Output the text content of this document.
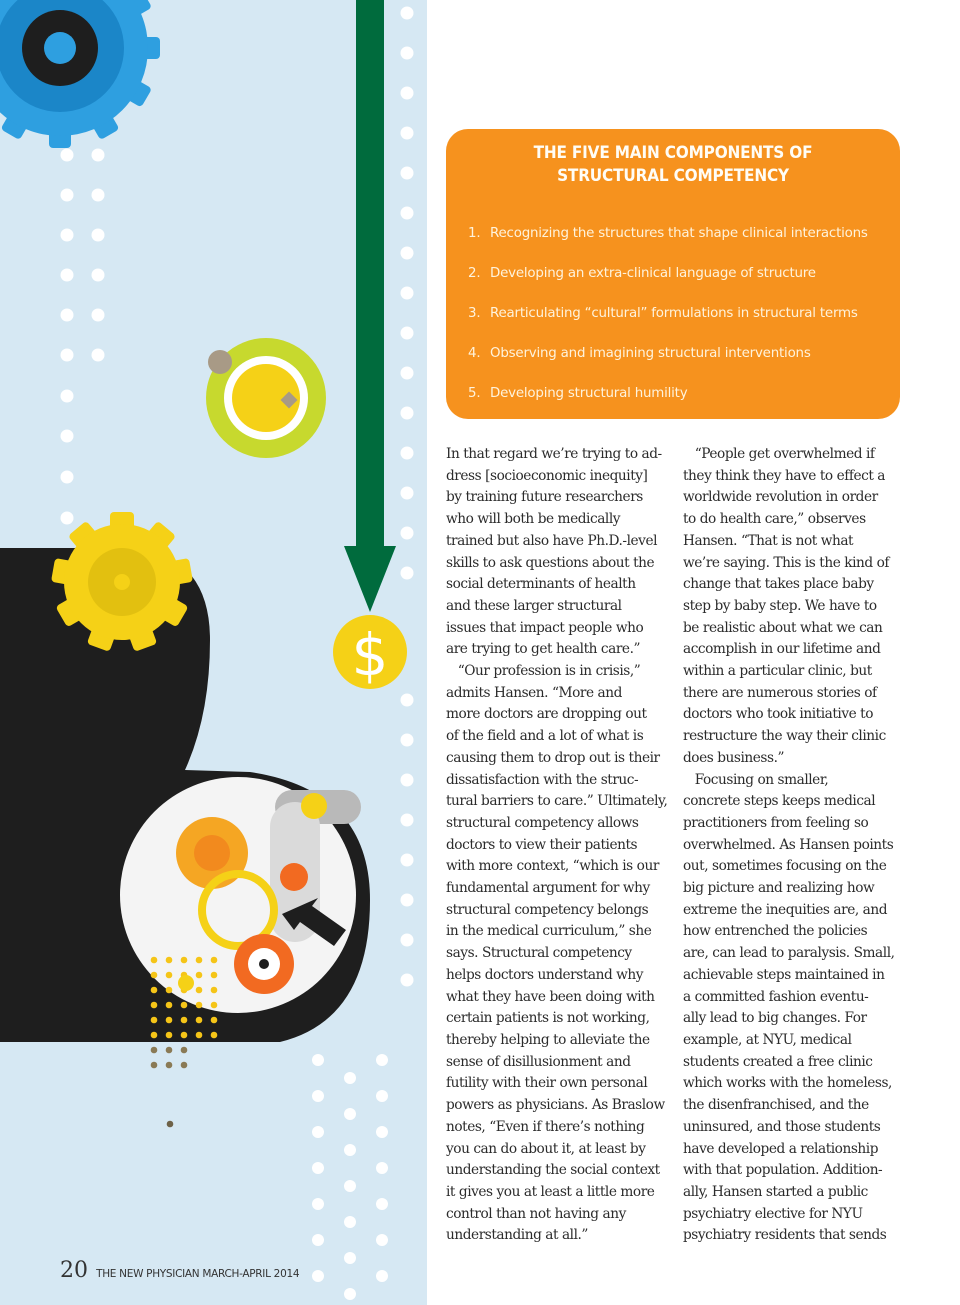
$
THE FIVE MAIN COMPONENTS OF
STRUCTURAL COMPETENCY
1. Recognizing the structures that shape clinical interactions
2. Developing an extra-clinical language of structure
3. Rearticulating “cultural” formulations in structural terms
4. Observing and imagining structural interventions
5. Developing structural humility
In that regard we’re trying to ad-
dress [socioeconomic inequity]
by training future researchers
who will both be medically
trained but also have Ph.D.-level
skills to ask questions about the
social determinants of health
and these larger structural
issues that impact people who
are trying to get health care.”
“Our profession is in crisis,”
admits Hansen. “More and
more doctors are dropping out
of the field and a lot of what is
causing them to drop out is their
dissatisfaction with the struc-
tural barriers to care.” Ultimately,
structural competency allows
doctors to view their patients
with more context, “which is our
fundamental argument for why
structural competency belongs
in the medical curriculum,” she
says. Structural competency
helps doctors understand why
what they have been doing with
certain patients is not working,
thereby helping to alleviate the
sense of disillusionment and
futility with their own personal
powers as physicians. As Braslow
notes, “Even if there’s nothing
you can do about it, at least by
understanding the social context
it gives you at least a little more
control than not having any
understanding at all.”
“People get overwhelmed if
they think they have to effect a
worldwide revolution in order
to do health care,” observes
Hansen. “That is not what
we’re saying. This is the kind of
change that takes place baby
step by baby step. We have to
be realistic about what we can
accomplish in our lifetime and
within a particular clinic, but
there are numerous stories of
doctors who took initiative to
restructure the way their clinic
does business.”
Focusing on smaller,
concrete steps keeps medical
practitioners from feeling so
overwhelmed. As Hansen points
out, sometimes focusing on the
big picture and realizing how
extreme the inequities are, and
how entrenched the policies
are, can lead to paralysis. Small,
achievable steps maintained in
a committed fashion eventu-
ally lead to big changes. For
example, at NYU, medical
students created a free clinic
which works with the homeless,
the disenfranchised, and the
uninsured, and those students
have developed a relationship
with that population. Addition-
ally, Hansen started a public
psychiatry elective for NYU
psychiatry residents that sends
20 THE NEW PHYSICIAN MARCH-APRIL 2014
